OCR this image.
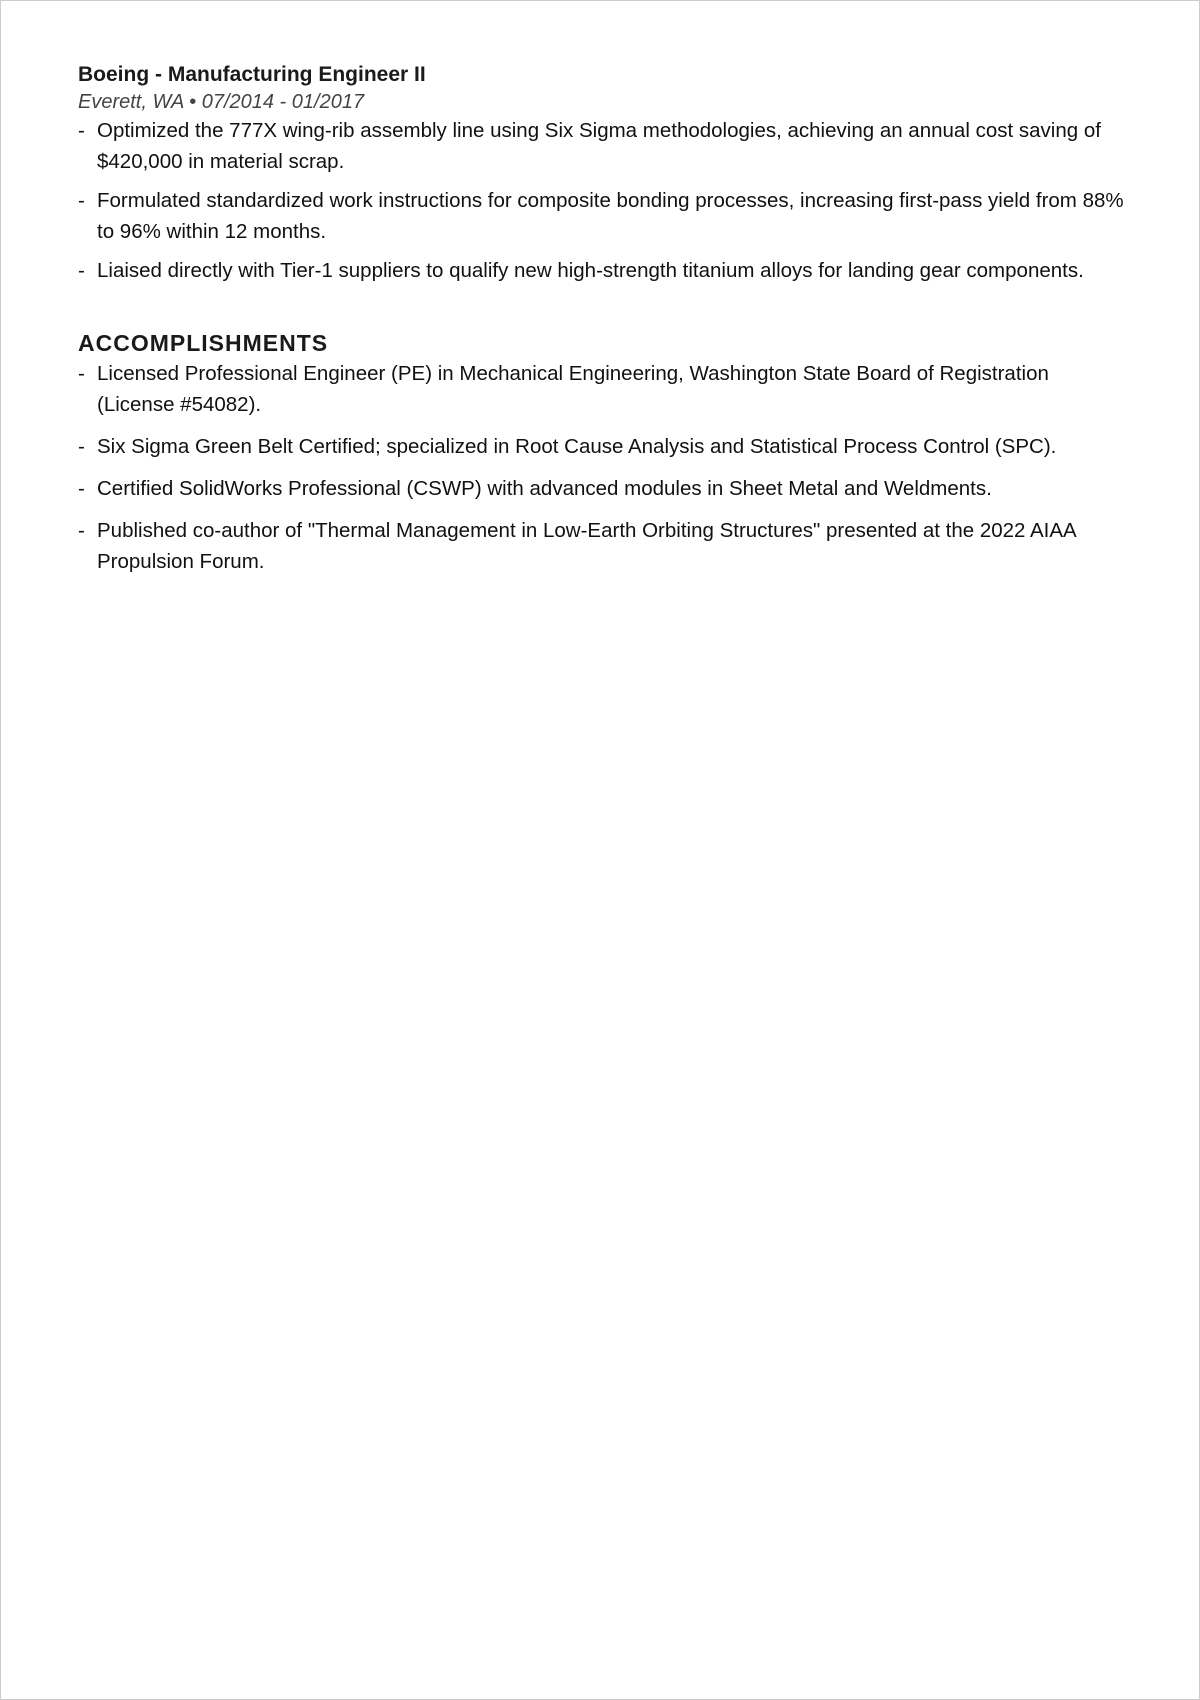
Boeing - Manufacturing Engineer II
Everett, WA • 07/2014 - 01/2017
- Optimized the 777X wing-rib assembly line using Six Sigma methodologies, achieving an annual cost saving of $420,000 in material scrap.
- Formulated standardized work instructions for composite bonding processes, increasing first-pass yield from 88% to 96% within 12 months.
- Liaised directly with Tier-1 suppliers to qualify new high-strength titanium alloys for landing gear components.
ACCOMPLISHMENTS
- Licensed Professional Engineer (PE) in Mechanical Engineering, Washington State Board of Registration (License #54082).
- Six Sigma Green Belt Certified; specialized in Root Cause Analysis and Statistical Process Control (SPC).
- Certified SolidWorks Professional (CSWP) with advanced modules in Sheet Metal and Weldments.
- Published co-author of "Thermal Management in Low-Earth Orbiting Structures" presented at the 2022 AIAA Propulsion Forum.
